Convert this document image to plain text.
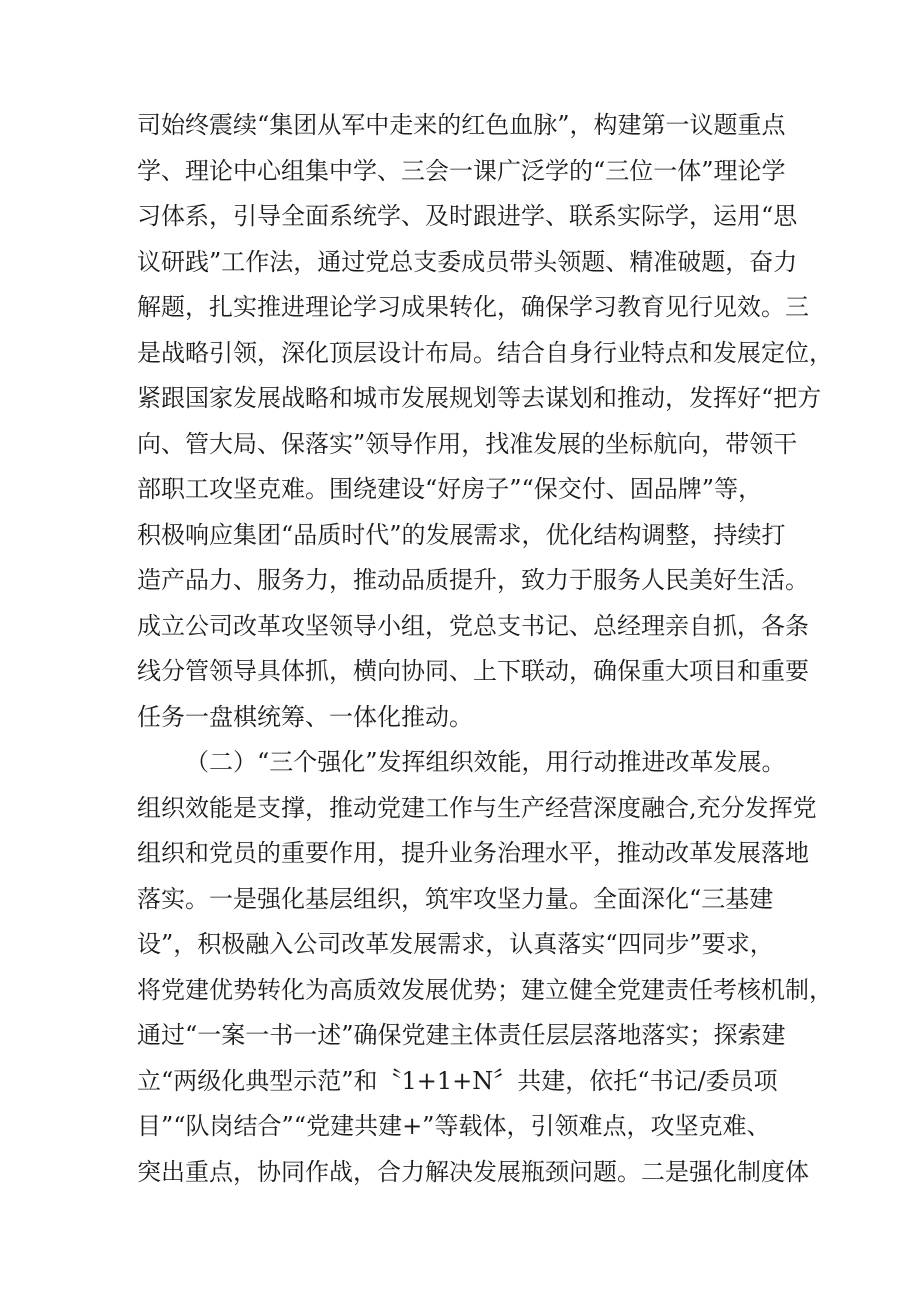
司始终震续“集团从军中走来的红色血脉”，构建第一议题重点
学、理论中心组集中学、三会一课广泛学的“三位一体”理论学
习体系，引导全面系统学、及时跟进学、联系实际学，运用“思
议研践”工作法，通过党总支委成员带头领题、精准破题，奋力
解题，扎实推进理论学习成果转化，确保学习教育见行见效。三
是战略引领，深化顶层设计布局。结合自身行业特点和发展定位，
紧跟国家发展战略和城市发展规划等去谋划和推动，发挥好“把方
向、管大局、保落实”领导作用，找准发展的坐标航向，带领干
部职工攻坚克难。围绕建设“好房子”“保交付、固品牌”等，
积极响应集团“品质时代”的发展需求，优化结构调整，持续打
造产品力、服务力，推动品质提升，致力于服务人民美好生活。
成立公司改革攻坚领导小组，党总支书记、总经理亲自抓，各条
线分管领导具体抓，横向协同、上下联动，确保重大项目和重要
任务一盘棋统筹、一体化推动。
（二）“三个强化”发挥组织效能，用行动推进改革发展。
组织效能是支撑，推动党建工作与生产经营深度融合,充分发挥党
组织和党员的重要作用，提升业务治理水平，推动改革发展落地
落实。一是强化基层组织，筑牢攻坚力量。全面深化“三基建
设”，积极融入公司改革发展需求，认真落实“四同步”要求，
将党建优势转化为高质效发展优势；建立健全党建责任考核机制，
通过“一案一书一述”确保党建主体责任层层落地落实；探索建
立“两级化典型示范”和〝1+1+N〞共建，依托“书记/委员项
目”“队岗结合”“党建共建+”等载体，引领难点，攻坚克难、
突出重点，协同作战，合力解决发展瓶颈问题。二是强化制度体
